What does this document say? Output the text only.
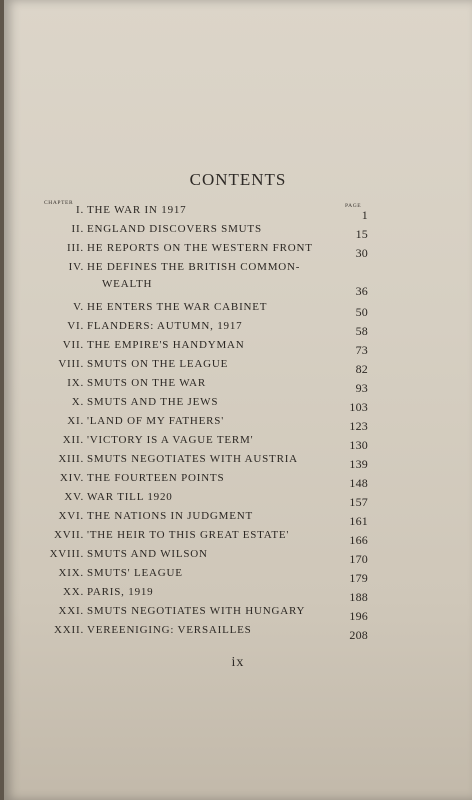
CONTENTS
CHAPTER	PAGE
I. THE WAR IN 1917	1
II. ENGLAND DISCOVERS SMUTS	15
III. HE REPORTS ON THE WESTERN FRONT	30
IV. HE DEFINES THE BRITISH COMMON-
WEALTH	36
V. HE ENTERS THE WAR CABINET	50
VI. FLANDERS: AUTUMN, 1917	58
VII. THE EMPIRE'S HANDYMAN	73
VIII. SMUTS ON THE LEAGUE	82
IX. SMUTS ON THE WAR	93
X. SMUTS AND THE JEWS	103
XI. 'LAND OF MY FATHERS'	123
XII. 'VICTORY IS A VAGUE TERM'	130
XIII. SMUTS NEGOTIATES WITH AUSTRIA	139
XIV. THE FOURTEEN POINTS	148
XV. WAR TILL 1920	157
XVI. THE NATIONS IN JUDGMENT	161
XVII. 'THE HEIR TO THIS GREAT ESTATE'	166
XVIII. SMUTS AND WILSON	170
XIX. SMUTS' LEAGUE	179
XX. PARIS, 1919	188
XXI. SMUTS NEGOTIATES WITH HUNGARY	196
XXII. VEREENIGING: VERSAILLES	208
ix
